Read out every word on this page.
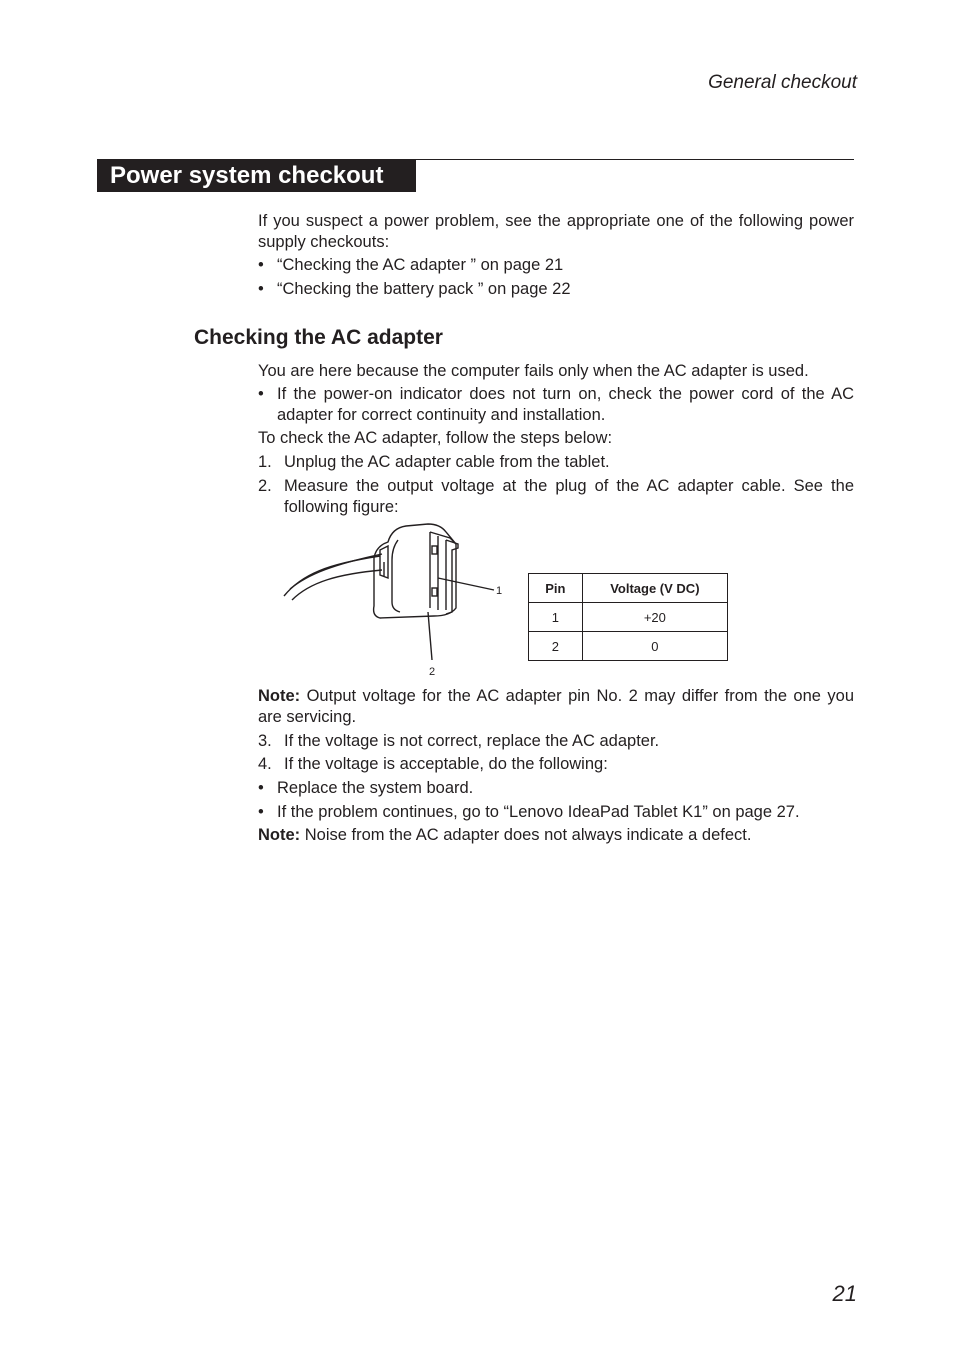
General checkout
Power system checkout
If you suspect a power problem, see the appropriate one of the following power supply checkouts:
• “Checking the AC adapter ” on page 21
• “Checking the battery pack ” on page 22
Checking the AC adapter
You are here because the computer fails only when the AC adapter is used.
• If the power-on indicator does not turn on, check the power cord of the AC adapter for correct continuity and installation.
To check the AC adapter, follow the steps below:
1. Unplug the AC adapter cable from the tablet.
2. Measure the output voltage at the plug of the AC adapter cable. See the following figure:
1
2
Pin	Voltage (V DC)
1	+20
2	0
Note: Output voltage for the AC adapter pin No. 2 may differ from the one you are servicing.
3. If the voltage is not correct, replace the AC adapter.
4. If the voltage is acceptable, do the following:
• Replace the system board.
• If the problem continues, go to “Lenovo IdeaPad Tablet K1” on page 27.
Note: Noise from the AC adapter does not always indicate a defect.
21
